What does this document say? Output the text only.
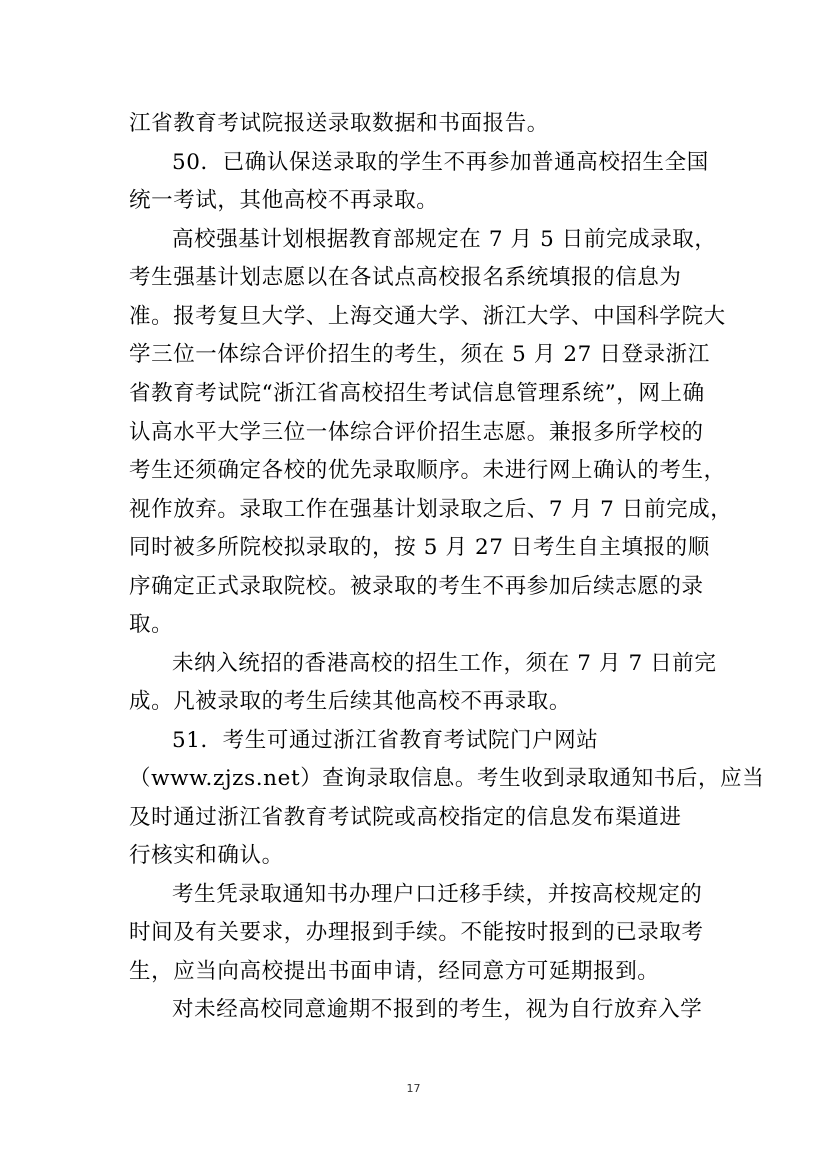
江省教育考试院报送录取数据和书面报告。
50．已确认保送录取的学生不再参加普通高校招生全国
统一考试，其他高校不再录取。
高校强基计划根据教育部规定在 7 月 5 日前完成录取，
考生强基计划志愿以在各试点高校报名系统填报的信息为
准。报考复旦大学、上海交通大学、浙江大学、中国科学院大
学三位一体综合评价招生的考生，须在 5 月 27 日登录浙江
省教育考试院“浙江省高校招生考试信息管理系统”，网上确
认高水平大学三位一体综合评价招生志愿。兼报多所学校的
考生还须确定各校的优先录取顺序。未进行网上确认的考生，
视作放弃。录取工作在强基计划录取之后、7 月 7 日前完成，
同时被多所院校拟录取的，按 5 月 27 日考生自主填报的顺
序确定正式录取院校。被录取的考生不再参加后续志愿的录
取。
未纳入统招的香港高校的招生工作，须在 7 月 7 日前完
成。凡被录取的考生后续其他高校不再录取。
51．考生可通过浙江省教育考试院门户网站
（www.zjzs.net）查询录取信息。考生收到录取通知书后，应当
及时通过浙江省教育考试院或高校指定的信息发布渠道进
行核实和确认。
考生凭录取通知书办理户口迁移手续，并按高校规定的
时间及有关要求，办理报到手续。不能按时报到的已录取考
生，应当向高校提出书面申请，经同意方可延期报到。
对未经高校同意逾期不报到的考生，视为自行放弃入学
17
